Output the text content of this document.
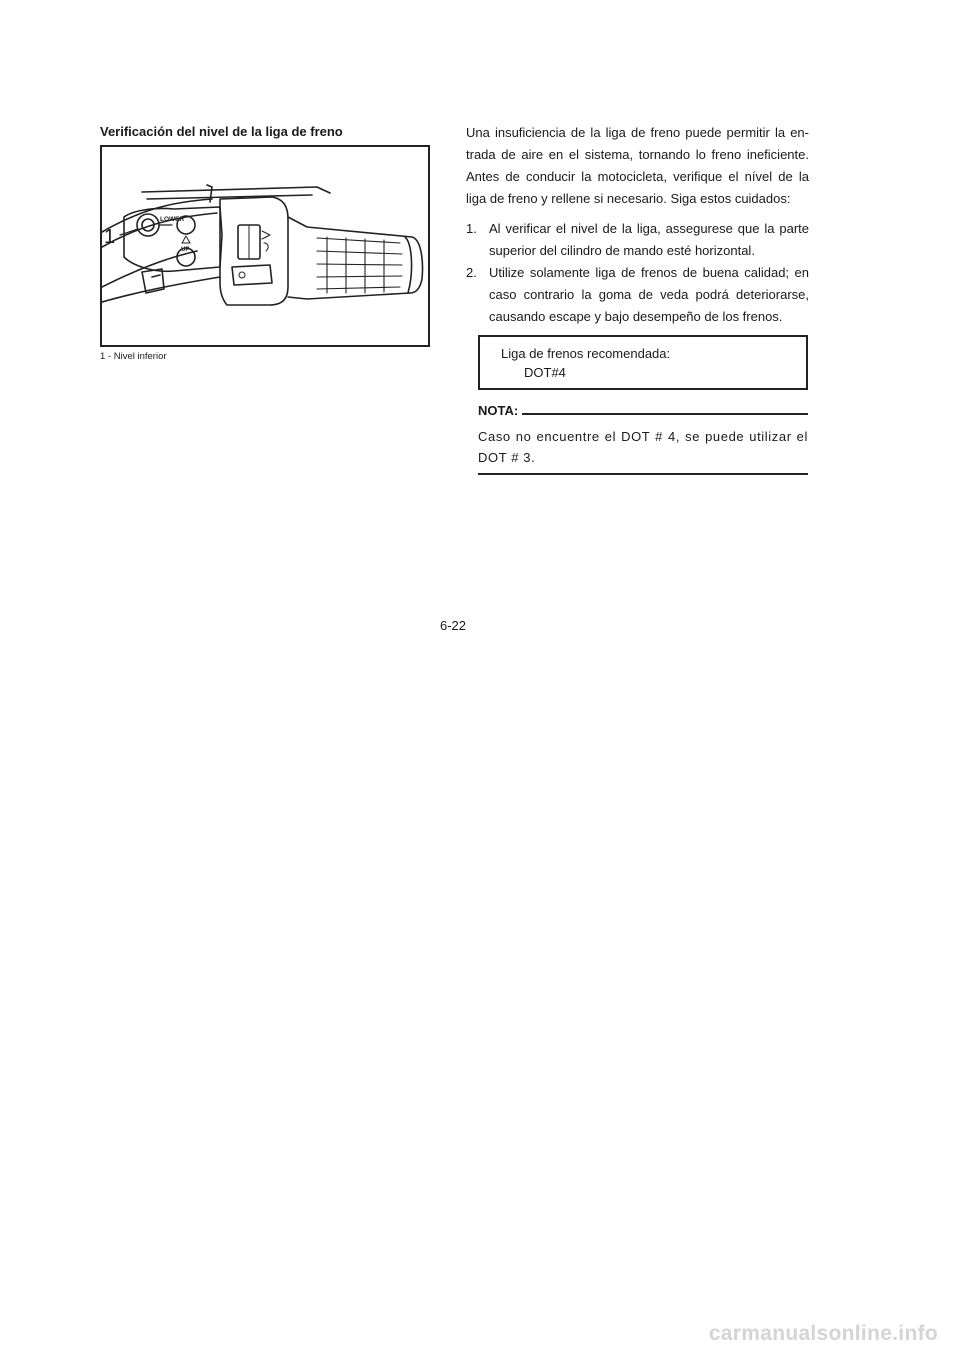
Verificación del nivel de la liga de freno
1
LOWER
UP
1 - Nivel inferior

Una insuficiencia de la liga de freno puede permitir la en-trada de aire en el sistema, tornando lo freno ineficiente. Antes de conducir la motocicleta, verifique el nível de la liga de freno y rellene si necesario. Siga estos cuidados:

1. Al verificar el nivel de la liga, assegurese que la parte superior del cilindro de mando esté horizontal.
2. Utilize solamente liga de frenos de buena calidad; en caso contrario la goma de veda podrá deteriorarse, causando escape y bajo desempeño de los frenos.
Liga de frenos recomendada:
DOT#4
NOTA:
Caso no encuentre el DOT # 4, se puede utilizar el DOT # 3.
6-22
carmanualsonline.info
